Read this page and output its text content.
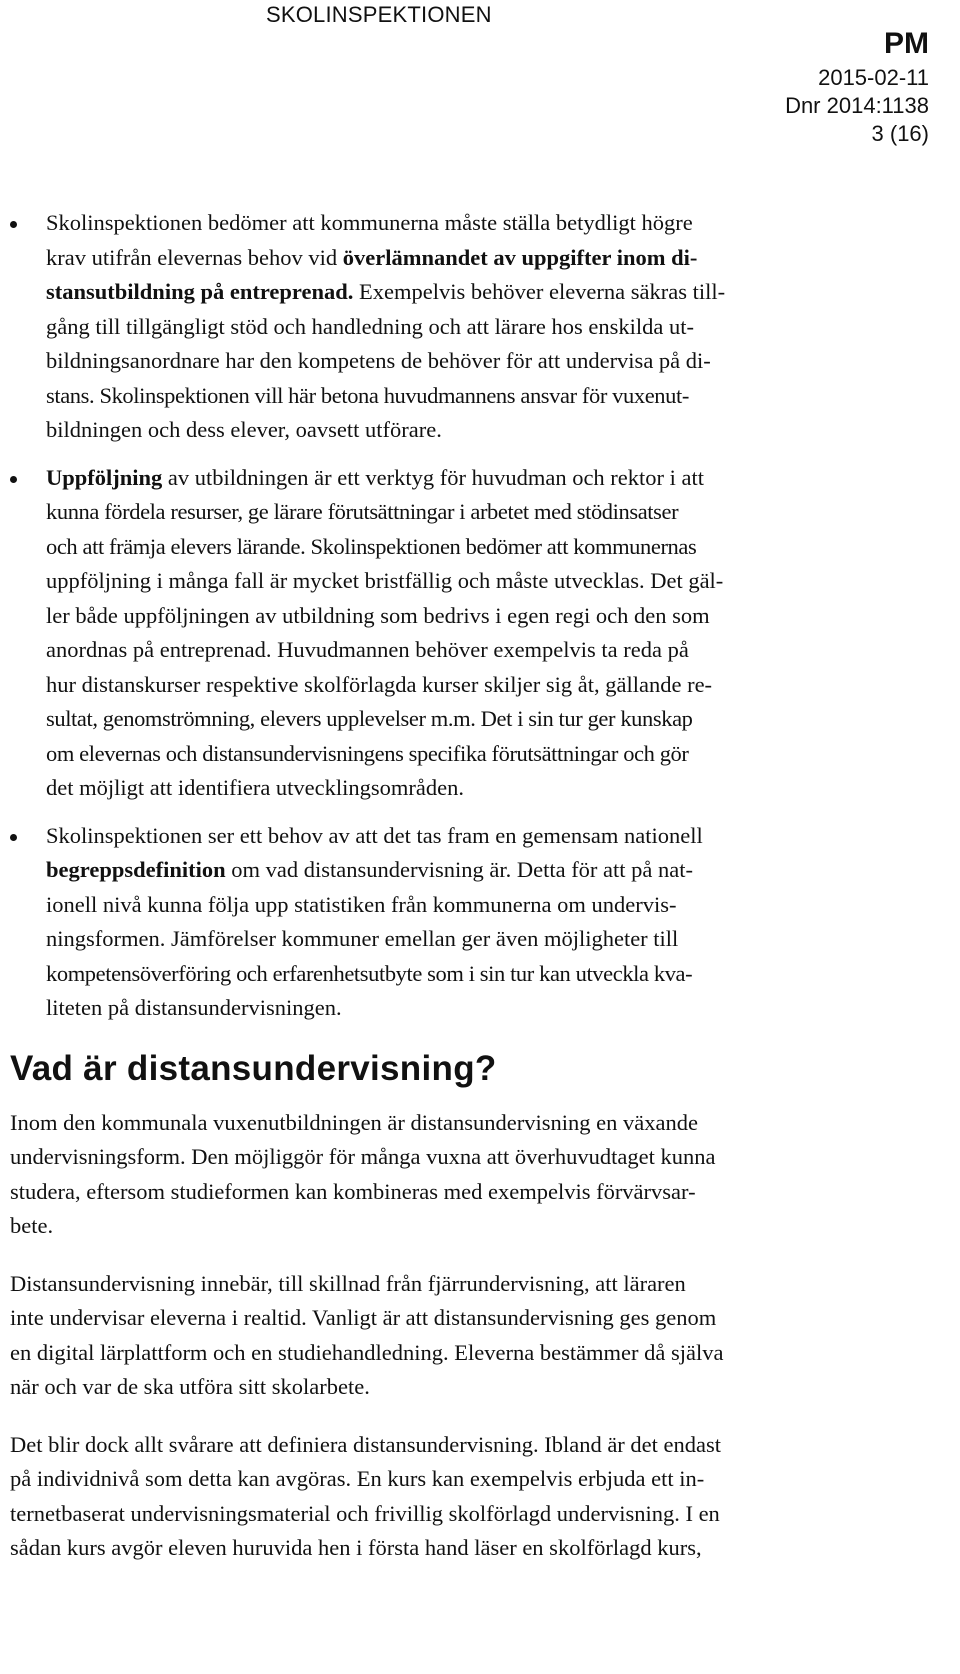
SKOLINSPEKTIONEN
PM
2015-02-11
Dnr 2014:1138
3 (16)
Skolinspektionen bedömer att kommunerna måste ställa betydligt högre
krav utifrån elevernas behov vid överlämnandet av uppgifter inom di-
stansutbildning på entreprenad. Exempelvis behöver eleverna säkras till-
gång till tillgängligt stöd och handledning och att lärare hos enskilda ut-
bildningsanordnare har den kompetens de behöver för att undervisa på di-
stans. Skolinspektionen vill här betona huvudmannens ansvar för vuxenut-
bildningen och dess elever, oavsett utförare.
Uppföljning av utbildningen är ett verktyg för huvudman och rektor i att
kunna fördela resurser, ge lärare förutsättningar i arbetet med stödinsatser
och att främja elevers lärande. Skolinspektionen bedömer att kommunernas
uppföljning i många fall är mycket bristfällig och måste utvecklas. Det gäl-
ler både uppföljningen av utbildning som bedrivs i egen regi och den som
anordnas på entreprenad. Huvudmannen behöver exempelvis ta reda på
hur distanskurser respektive skolförlagda kurser skiljer sig åt, gällande re-
sultat, genomströmning, elevers upplevelser m.m. Det i sin tur ger kunskap
om elevernas och distansundervisningens specifika förutsättningar och gör
det möjligt att identifiera utvecklingsområden.
Skolinspektionen ser ett behov av att det tas fram en gemensam nationell
begreppsdefinition om vad distansundervisning är. Detta för att på nat-
ionell nivå kunna följa upp statistiken från kommunerna om undervis-
ningsformen. Jämförelser kommuner emellan ger även möjligheter till
kompetensöverföring och erfarenhetsutbyte som i sin tur kan utveckla kva-
liteten på distansundervisningen.
Vad är distansundervisning?

Inom den kommunala vuxenutbildningen är distansundervisning en växande
undervisningsform. Den möjliggör för många vuxna att överhuvudtaget kunna
studera, eftersom studieformen kan kombineras med exempelvis förvärvsar-
bete.

Distansundervisning innebär, till skillnad från fjärrundervisning, att läraren
inte undervisar eleverna i realtid. Vanligt är att distansundervisning ges genom
en digital lärplattform och en studiehandledning. Eleverna bestämmer då själva
när och var de ska utföra sitt skolarbete.

Det blir dock allt svårare att definiera distansundervisning. Ibland är det endast
på individnivå som detta kan avgöras. En kurs kan exempelvis erbjuda ett in-
ternetbaserat undervisningsmaterial och frivillig skolförlagd undervisning. I en
sådan kurs avgör eleven huruvida hen i första hand läser en skolförlagd kurs,
